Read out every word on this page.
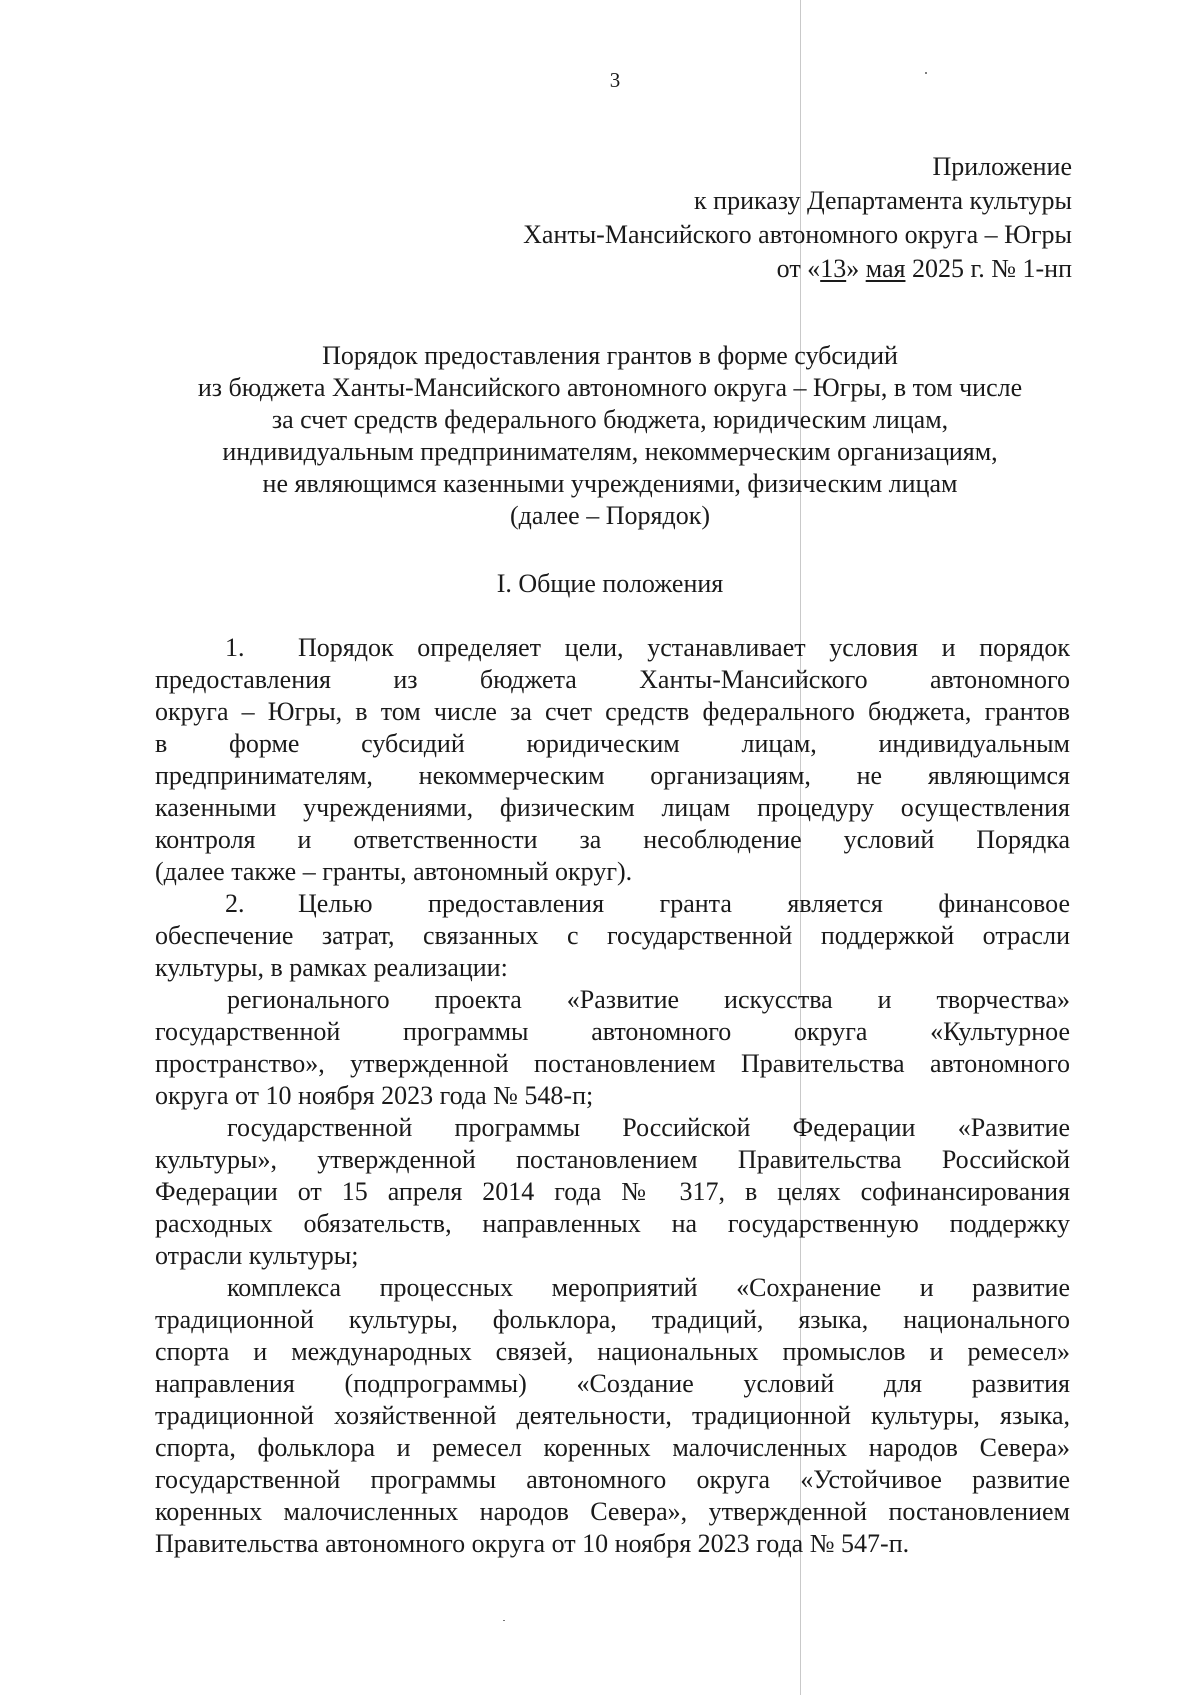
3
Приложение
к приказу Департамента культуры
Ханты-Мансийского автономного округа – Югры
от «13» мая 2025 г. № 1-нп
Порядок предоставления грантов в форме субсидий
из бюджета Ханты-Мансийского автономного округа – Югры, в том числе
за счет средств федерального бюджета, юридическим лицам,
индивидуальным предпринимателям, некоммерческим организациям,
не являющимся казенными учреждениями, физическим лицам
(далее – Порядок)
I. Общие положения
1. Порядок определяет цели, устанавливает условия и порядок
предоставления из бюджета Ханты-Мансийского автономного
округа – Югры, в том числе за счет средств федерального бюджета, грантов
в форме субсидий юридическим лицам, индивидуальным
предпринимателям, некоммерческим организациям, не являющимся
казенными учреждениями, физическим лицам процедуру осуществления
контроля и ответственности за несоблюдение условий Порядка
(далее также – гранты, автономный округ).
2. Целью предоставления гранта является финансовое
обеспечение затрат, связанных с государственной поддержкой отрасли
культуры, в рамках реализации:
регионального проекта «Развитие искусства и творчества»
государственной программы автономного округа «Культурное
пространство», утвержденной постановлением Правительства автономного
округа от 10 ноября 2023 года № 548-п;
государственной программы Российской Федерации «Развитие
культуры», утвержденной постановлением Правительства Российской
Федерации от 15 апреля 2014 года № 317, в целях софинансирования
расходных обязательств, направленных на государственную поддержку
отрасли культуры;
комплекса процессных мероприятий «Сохранение и развитие
традиционной культуры, фольклора, традиций, языка, национального
спорта и международных связей, национальных промыслов и ремесел»
направления (подпрограммы) «Создание условий для развития
традиционной хозяйственной деятельности, традиционной культуры, языка,
спорта, фольклора и ремесел коренных малочисленных народов Севера»
государственной программы автономного округа «Устойчивое развитие
коренных малочисленных народов Севера», утвержденной постановлением
Правительства автономного округа от 10 ноября 2023 года № 547-п.
